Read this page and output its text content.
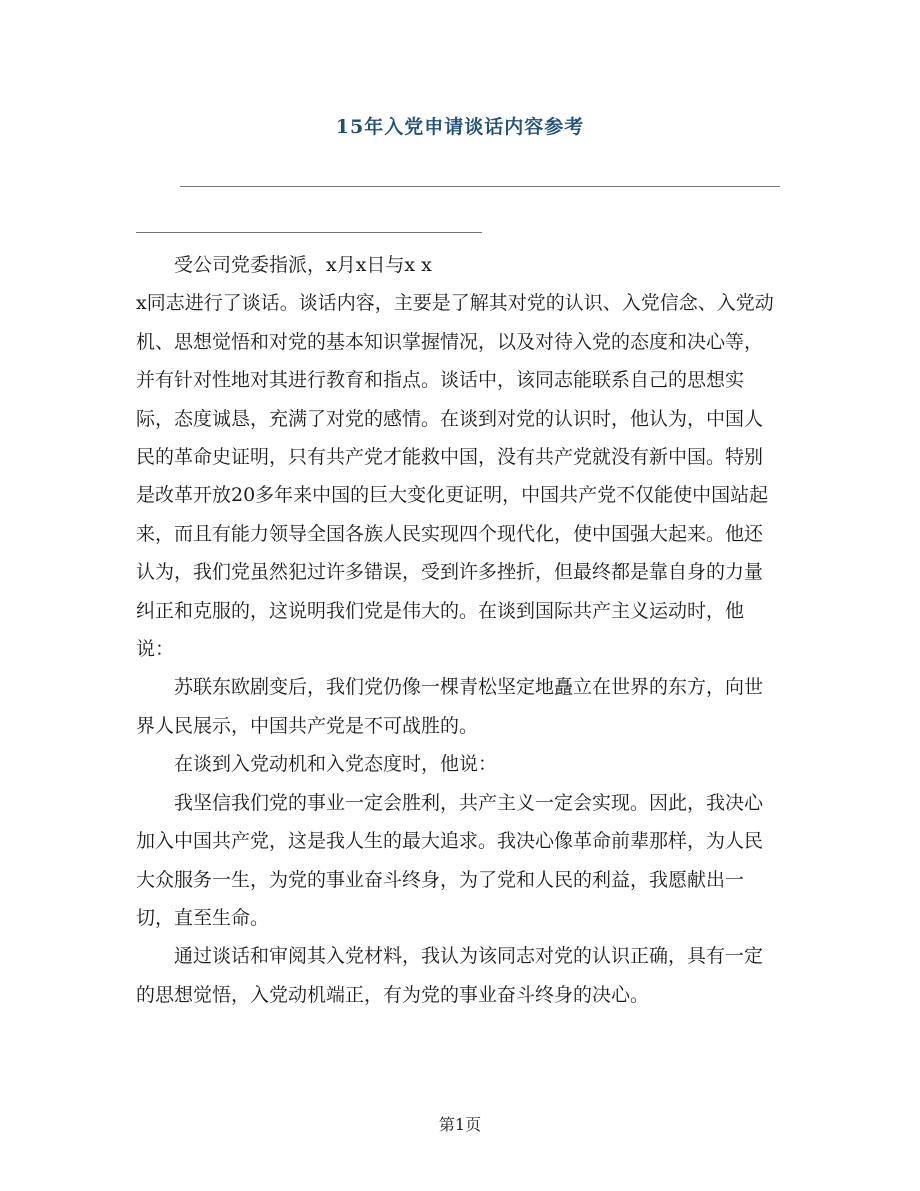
15年入党申请谈话内容参考

受公司党委指派，x月x日与x x

x同志进行了谈话。谈话内容，主要是了解其对党的认识、入党信念、入党动机、思想觉悟和对党的基本知识掌握情况，以及对待入党的态度和决心等，并有针对性地对其进行教育和指点。谈话中，该同志能联系自己的思想实际，态度诚恳，充满了对党的感情。在谈到对党的认识时，他认为，中国人民的革命史证明，只有共产党才能救中国，没有共产党就没有新中国。特别是改革开放20多年来中国的巨大变化更证明，中国共产党不仅能使中国站起来，而且有能力领导全国各族人民实现四个现代化，使中国强大起来。他还认为，我们党虽然犯过许多错误，受到许多挫折，但最终都是靠自身的力量纠正和克服的，这说明我们党是伟大的。在谈到国际共产主义运动时，他说：

苏联东欧剧变后，我们党仍像一棵青松坚定地矗立在世界的东方，向世界人民展示，中国共产党是不可战胜的。

在谈到入党动机和入党态度时，他说：

我坚信我们党的事业一定会胜利，共产主义一定会实现。因此，我决心加入中国共产党，这是我人生的最大追求。我决心像革命前辈那样，为人民大众服务一生，为党的事业奋斗终身，为了党和人民的利益，我愿献出一切，直至生命。

通过谈话和审阅其入党材料，我认为该同志对党的认识正确，具有一定的思想觉悟，入党动机端正，有为党的事业奋斗终身的决心。

第1页
